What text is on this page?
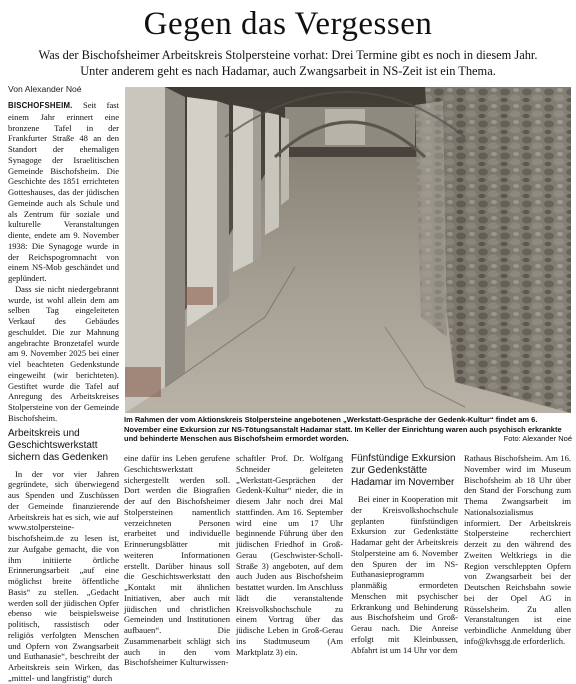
Gegen das Vergessen
Was der Bischofsheimer Arbeitskreis Stolpersteine vorhat: Drei Termine gibt es noch in diesem Jahr.
Unter anderem geht es nach Hadamar, auch Zwangsarbeit in NS-Zeit ist ein Thema.
Von Alexander Noé

BISCHOFSHEIM. Seit fast einem Jahr erinnert eine bronzene Tafel in der Frankfurter Straße 48 an den Standort der ehemaligen Synagoge der Israelitischen Gemeinde Bischofsheim. Die Geschichte des 1851 errichteten Gotteshauses, das der jüdischen Gemeinde auch als Schule und als Zentrum für soziale und kulturelle Veranstaltungen diente, endete am 9. November 1938: Die Synagoge wurde in der Reichspogromnacht von einem NS-Mob geschändet und geplündert.

Dass sie nicht niedergebrannt wurde, ist wohl allein dem am selben Tag eingeleiteten Verkauf des Gebäudes geschuldet. Die zur Mahnung angebrachte Bronzetafel wurde am 9. November 2025 bei einer viel beachteten Gedenkstunde eingeweiht (wir berichteten). Gestiftet wurde die Tafel auf Anregung des Arbeitskreises Stolpersteine von der Gemeinde Bischofsheim.

Arbeitskreis und Geschichtswerkstatt sichern das Gedenken

In der vor vier Jahren gegründete, sich überwiegend aus Spenden und Zuschüssen der Gemeinde finanzierende Arbeitskreis hat es sich, wie auf www.stolpersteine-bischofsheim.de zu lesen ist, zur Aufgabe gemacht, die von ihm initiierte örtliche Erinnerungsarbeit „auf eine möglichst breite öffentliche Basis“ zu stellen. „Gedacht werden soll der jüdischen Opfer ebenso wie beispielsweise politisch, rassistisch oder religiös verfolgten Menschen und Opfern von Zwangsarbeit und Euthanasie“, beschreibt der Arbeitskreis sein Wirken, das „mittel- und langfristig“ durch

Im Rahmen der vom Aktionskreis Stolpersteine angebotenen „Werkstatt-Gespräche der Gedenk-Kultur“ findet am 6. November eine Exkursion zur NS-Tötungsanstalt Hadamar statt. Im Keller der Einrichtung waren auch psychisch erkrankte und behinderte Menschen aus Bischofsheim ermordet worden.	Foto: Alexander Noé

eine dafür ins Leben gerufene Geschichtswerkstatt sichergestellt werden soll. Dort werden die Biografien der auf den Bischofsheimer Stolpersteinen namentlich verzeichneten Personen erarbeitet und individuelle Erinnerungsblätter mit weiteren Informationen erstellt. Darüber hinaus soll die Geschichtswerkstatt den „Kontakt mit ähnlichen Initiativen, aber auch mit jüdischen und christlichen Gemeinden und Institutionen aufbauen“. Die Zusammenarbeit schlägt sich auch in den vom Bischofsheimer Kulturwissen-

schaftler Prof. Dr. Wolfgang Schneider geleiteten „Werkstatt-Gesprächen der Gedenk-Kultur“ nieder, die in diesem Jahr noch drei Mal stattfinden. Am 16. September wird eine um 17 Uhr beginnende Führung über den jüdischen Friedhof in Groß-Gerau (Geschwister-Scholl-Straße 3) angeboten, auf dem auch Juden aus Bischofsheim bestattet wurden. Im Anschluss lädt die veranstaltende Kreisvolkshochschule zu einem Vortrag über das jüdische Leben in Groß-Gerau ins Stadtmuseum (Am Marktplatz 3) ein.

Fünfstündige Exkursion zur Gedenkstätte Hadamar im November

Bei einer in Kooperation mit der Kreisvolkshochschule geplanten fünfstündigen Exkursion zur Gedenkstätte Hadamar geht der Arbeitskreis Stolpersteine am 6. November den Spuren der im NS-Euthanasieprogramm planmäßig ermordeten Menschen mit psychischer Erkrankung und Behinderung aus Bischofsheim und Groß-Gerau nach. Die Anreise erfolgt mit Kleinbussen, Abfahrt ist um 14 Uhr vor dem

Rathaus Bischofsheim. Am 16. November wird im Museum Bischofsheim ab 18 Uhr über den Stand der Forschung zum Thema Zwangsarbeit im Nationalsozialismus informiert. Der Arbeitskreis Stolpersteine recherchiert derzeit zu den während des Zweiten Weltkriegs in die Region verschleppten Opfern von Zwangsarbeit bei der Deutschen Reichsbahn sowie bei der Opel AG in Rüsselsheim. Zu allen Veranstaltungen ist eine verbindliche Anmeldung über info@kvhsgg.de erforderlich.
